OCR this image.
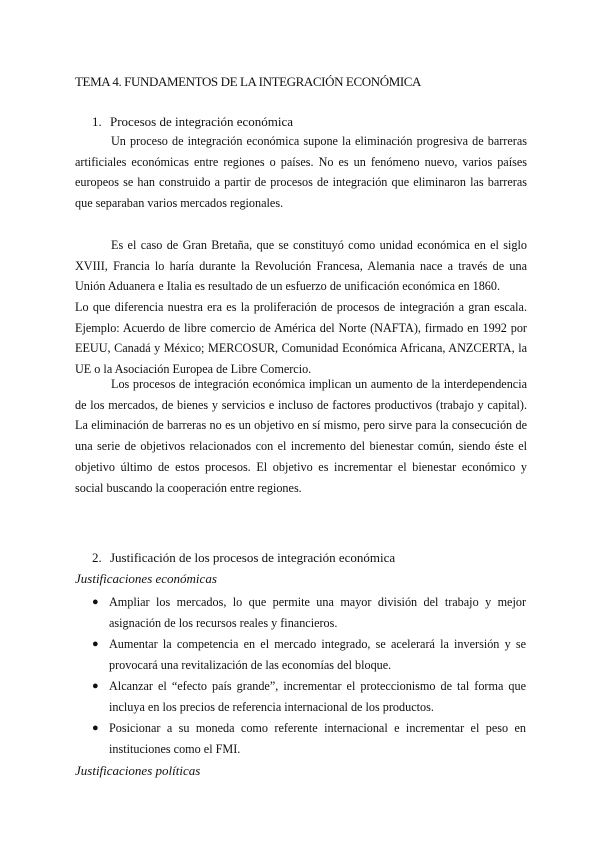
TEMA 4. FUNDAMENTOS DE LA INTEGRACIÓN ECONÓMICA
1. Procesos de integración económica
Un proceso de integración económica supone la eliminación progresiva de barreras artificiales económicas entre regiones o países. No es un fenómeno nuevo, varios países europeos se han construido a partir de procesos de integración que eliminaron las barreras que separaban varios mercados regionales.
Es el caso de Gran Bretaña, que se constituyó como unidad económica en el siglo XVIII, Francia lo haría durante la Revolución Francesa, Alemania nace a través de una Unión Aduanera e Italia es resultado de un esfuerzo de unificación económica en 1860.
Lo que diferencia nuestra era es la proliferación de procesos de integración a gran escala. Ejemplo: Acuerdo de libre comercio de América del Norte (NAFTA), firmado en 1992 por EEUU, Canadá y México; MERCOSUR, Comunidad Económica Africana, ANZCERTA, la UE o la Asociación Europea de Libre Comercio.
Los procesos de integración económica implican un aumento de la interdependencia de los mercados, de bienes y servicios e incluso de factores productivos (trabajo y capital). La eliminación de barreras no es un objetivo en sí mismo, pero sirve para la consecución de una serie de objetivos relacionados con el incremento del bienestar común, siendo éste el objetivo último de estos procesos. El objetivo es incrementar el bienestar económico y social buscando la cooperación entre regiones.
2. Justificación de los procesos de integración económica
Justificaciones económicas
● Ampliar los mercados, lo que permite una mayor división del trabajo y mejor asignación de los recursos reales y financieros.
● Aumentar la competencia en el mercado integrado, se acelerará la inversión y se provocará una revitalización de las economías del bloque.
● Alcanzar el “efecto país grande”, incrementar el proteccionismo de tal forma que incluya en los precios de referencia internacional de los productos.
● Posicionar a su moneda como referente internacional e incrementar el peso en instituciones como el FMI.
Justificaciones políticas
